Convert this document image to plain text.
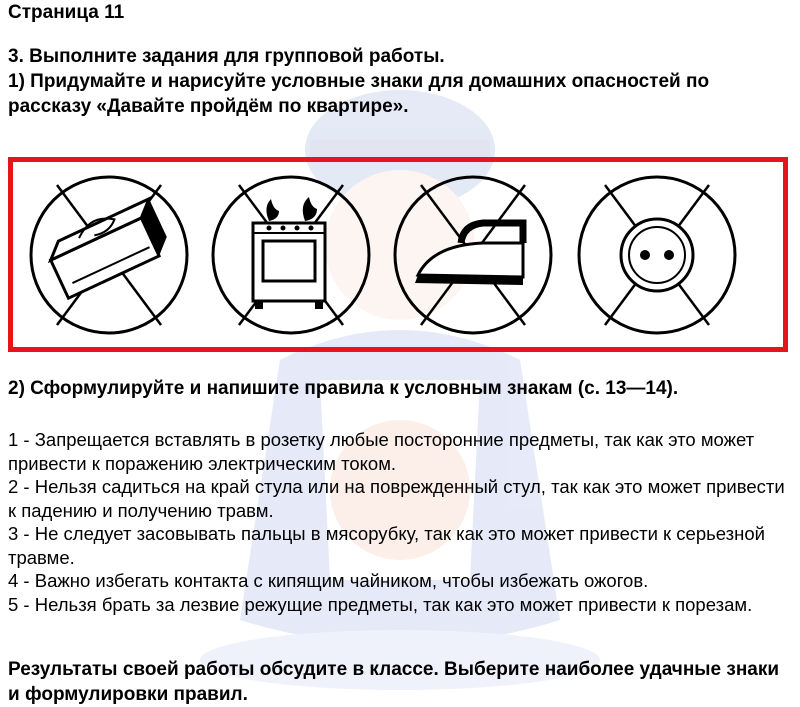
Страница 11
3. Выполните задания для групповой работы.
1) Придумайте и нарисуйте условные знаки для домашних опасностей по рассказу «Давайте пройдём по квартире».
2) Сформулируйте и напишите правила к условным знакам (с. 13—14).

1 - Запрещается вставлять в розетку любые посторонние предметы, так как это может привести к поражению электрическим током.

2 - Нельзя садиться на край стула или на поврежденный стул, так как это может привести к падению и получению травм.

3 - Не следует засовывать пальцы в мясорубку, так как это может привести к серьезной травме.

4 - Важно избегать контакта с кипящим чайником, чтобы избежать ожогов.

5 - Нельзя брать за лезвие режущие предметы, так как это может привести к порезам.

Результаты своей работы обсудите в классе. Выберите наиболее удачные знаки и формулировки правил.
